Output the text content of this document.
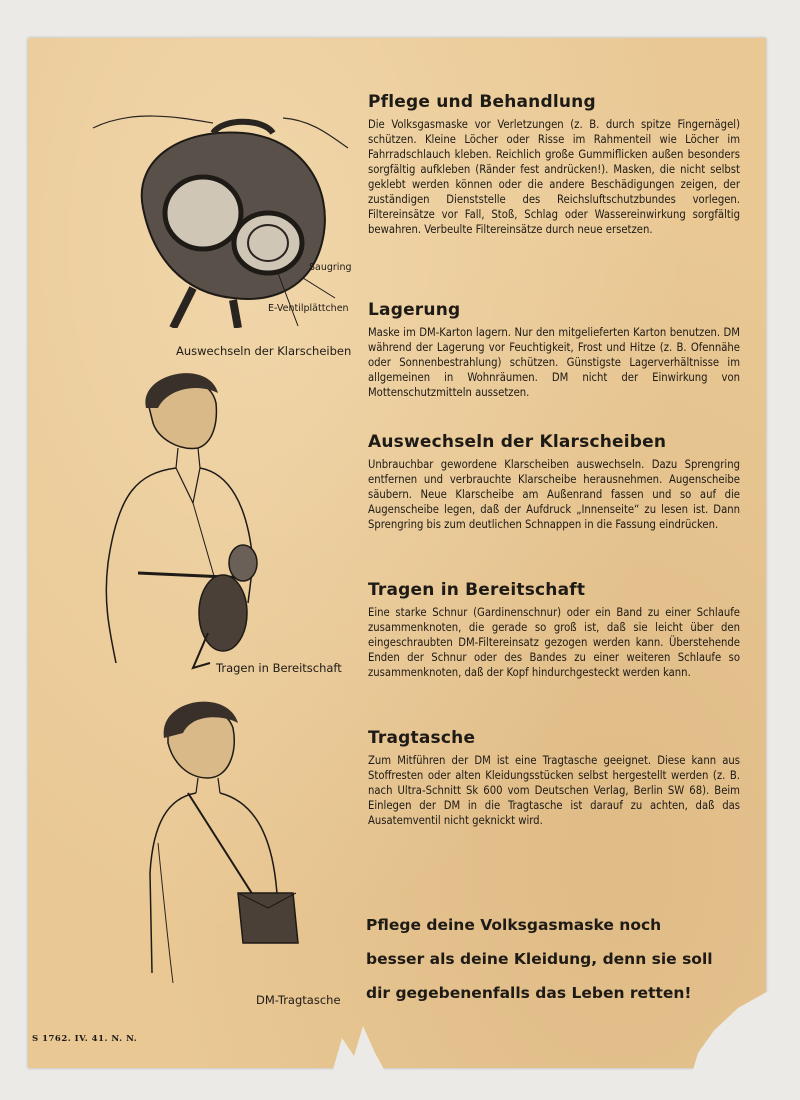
Saugring
E-Ventilplättchen
Auswechseln der Klarscheiben
Tragen in Bereitschaft
DM-Tragtasche
Pflege und Behandlung

Die Volksgasmaske vor Verletzungen (z. B. durch spitze Fingernägel) schützen. Kleine Löcher oder Risse im Rahmenteil wie Löcher im Fahrradschlauch kleben. Reichlich große Gummiflicken außen besonders sorgfältig aufkleben (Ränder fest andrücken!). Masken, die nicht selbst geklebt werden können oder die andere Beschädigungen zeigen, der zuständigen Dienststelle des Reichsluftschutzbundes vorlegen. Filtereinsätze vor Fall, Stoß, Schlag oder Wassereinwirkung sorgfältig bewahren. Verbeulte Filtereinsätze durch neue ersetzen.

Lagerung

Maske im DM-Karton lagern. Nur den mitgelieferten Karton benutzen. DM während der Lagerung vor Feuchtigkeit, Frost und Hitze (z. B. Ofennähe oder Sonnenbestrahlung) schützen. Günstigste Lagerverhältnisse im allgemeinen in Wohnräumen. DM nicht der Einwirkung von Mottenschutzmitteln aussetzen.

Auswechseln der Klarscheiben

Unbrauchbar gewordene Klarscheiben auswechseln. Dazu Sprengring entfernen und verbrauchte Klarscheibe herausnehmen. Augenscheibe säubern. Neue Klarscheibe am Außenrand fassen und so auf die Augenscheibe legen, daß der Aufdruck „Innenseite“ zu lesen ist. Dann Sprengring bis zum deutlichen Schnappen in die Fassung eindrücken.

Tragen in Bereitschaft

Eine starke Schnur (Gardinenschnur) oder ein Band zu einer Schlaufe zusammenknoten, die gerade so groß ist, daß sie leicht über den eingeschraubten DM-Filtereinsatz gezogen werden kann. Überstehende Enden der Schnur oder des Bandes zu einer weiteren Schlaufe so zusammenknoten, daß der Kopf hindurchgesteckt werden kann.

Tragtasche

Zum Mitführen der DM ist eine Tragtasche geeignet. Diese kann aus Stoffresten oder alten Kleidungsstücken selbst hergestellt werden (z. B. nach Ultra-Schnitt Sk 600 vom Deutschen Verlag, Berlin SW 68). Beim Einlegen der DM in die Tragtasche ist darauf zu achten, daß das Ausatemventil nicht geknickt wird.

Pflege deine Volksgasmaske noch
besser als deine Kleidung, denn sie soll
dir gegebenenfalls das Leben retten!
S 1762. IV. 41. N. N.
